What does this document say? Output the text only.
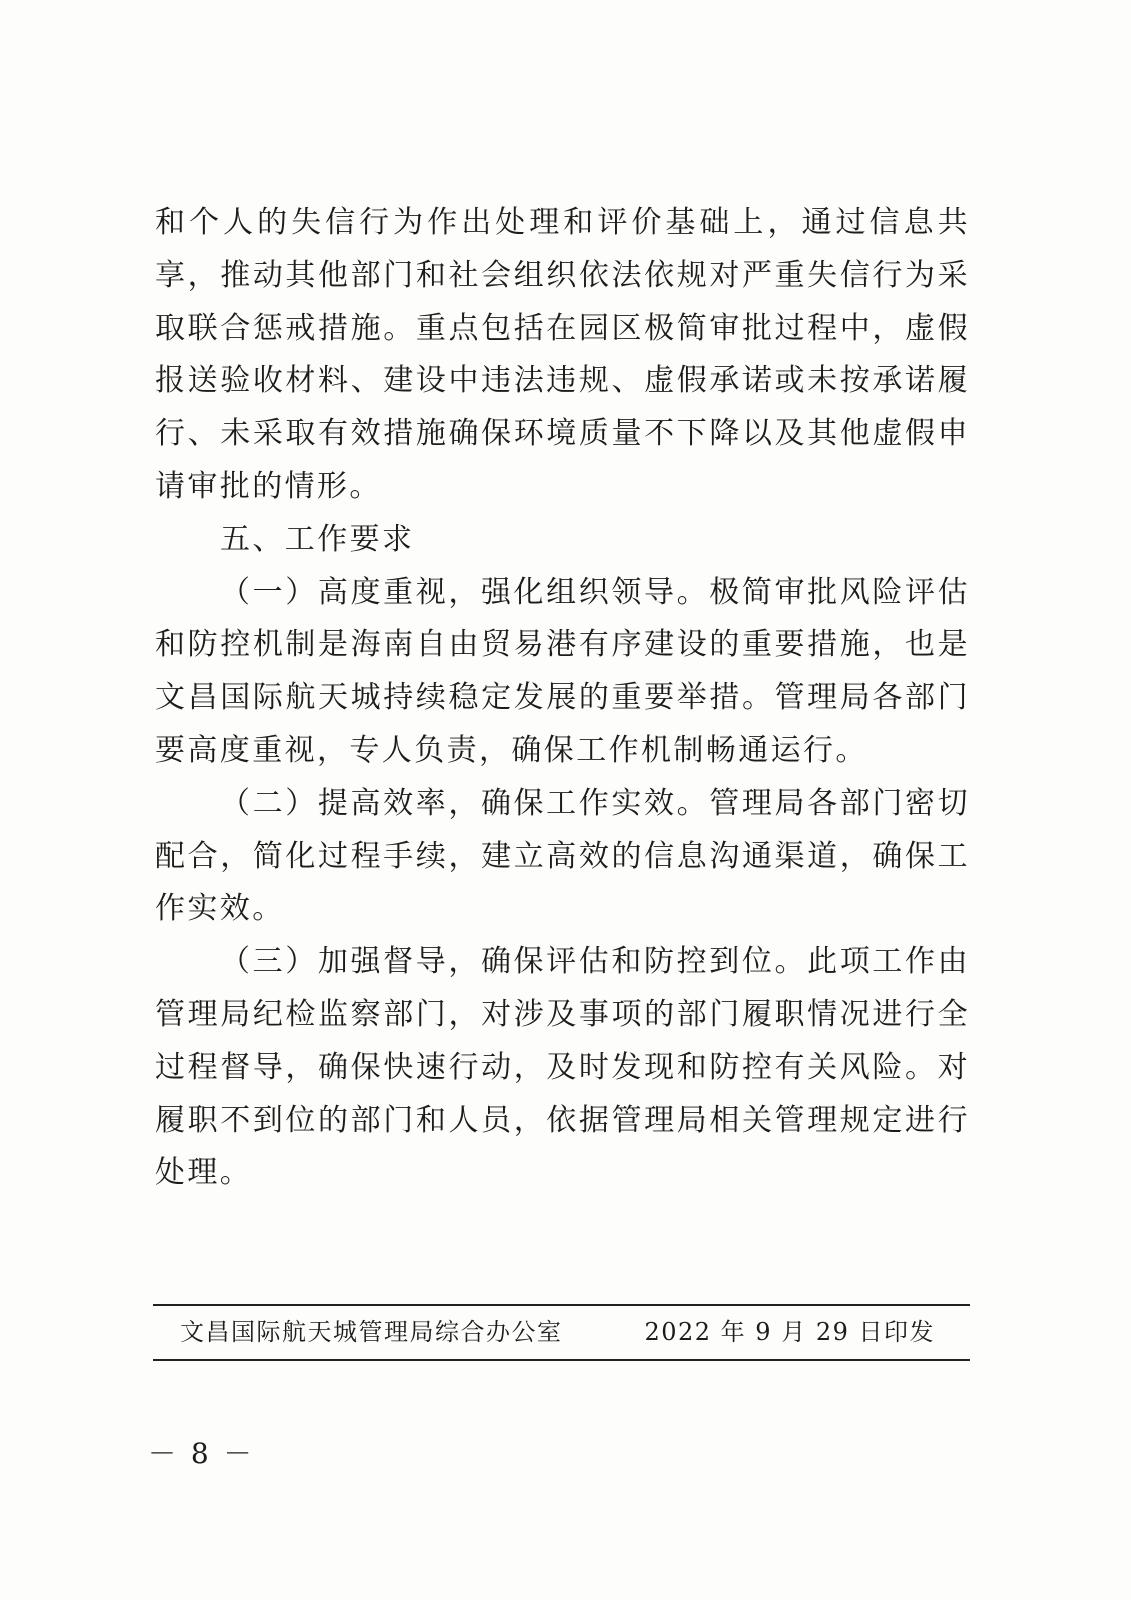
和个人的失信行为作出处理和评价基础上，通过信息共享，推动其他部门和社会组织依法依规对严重失信行为采取联合惩戒措施。重点包括在园区极简审批过程中，虚假报送验收材料、建设中违法违规、虚假承诺或未按承诺履行、未采取有效措施确保环境质量不下降以及其他虚假申请审批的情形。

五、工作要求

（一）高度重视，强化组织领导。极简审批风险评估和防控机制是海南自由贸易港有序建设的重要措施，也是文昌国际航天城持续稳定发展的重要举措。管理局各部门要高度重视，专人负责，确保工作机制畅通运行。

（二）提高效率，确保工作实效。管理局各部门密切配合，简化过程手续，建立高效的信息沟通渠道，确保工作实效。

（三）加强督导，确保评估和防控到位。此项工作由管理局纪检监察部门，对涉及事项的部门履职情况进行全过程督导，确保快速行动，及时发现和防控有关风险。对履职不到位的部门和人员，依据管理局相关管理规定进行处理。

文昌国际航天城管理局综合办公室	2022 年 9 月 29 日印发
－ 8 －
